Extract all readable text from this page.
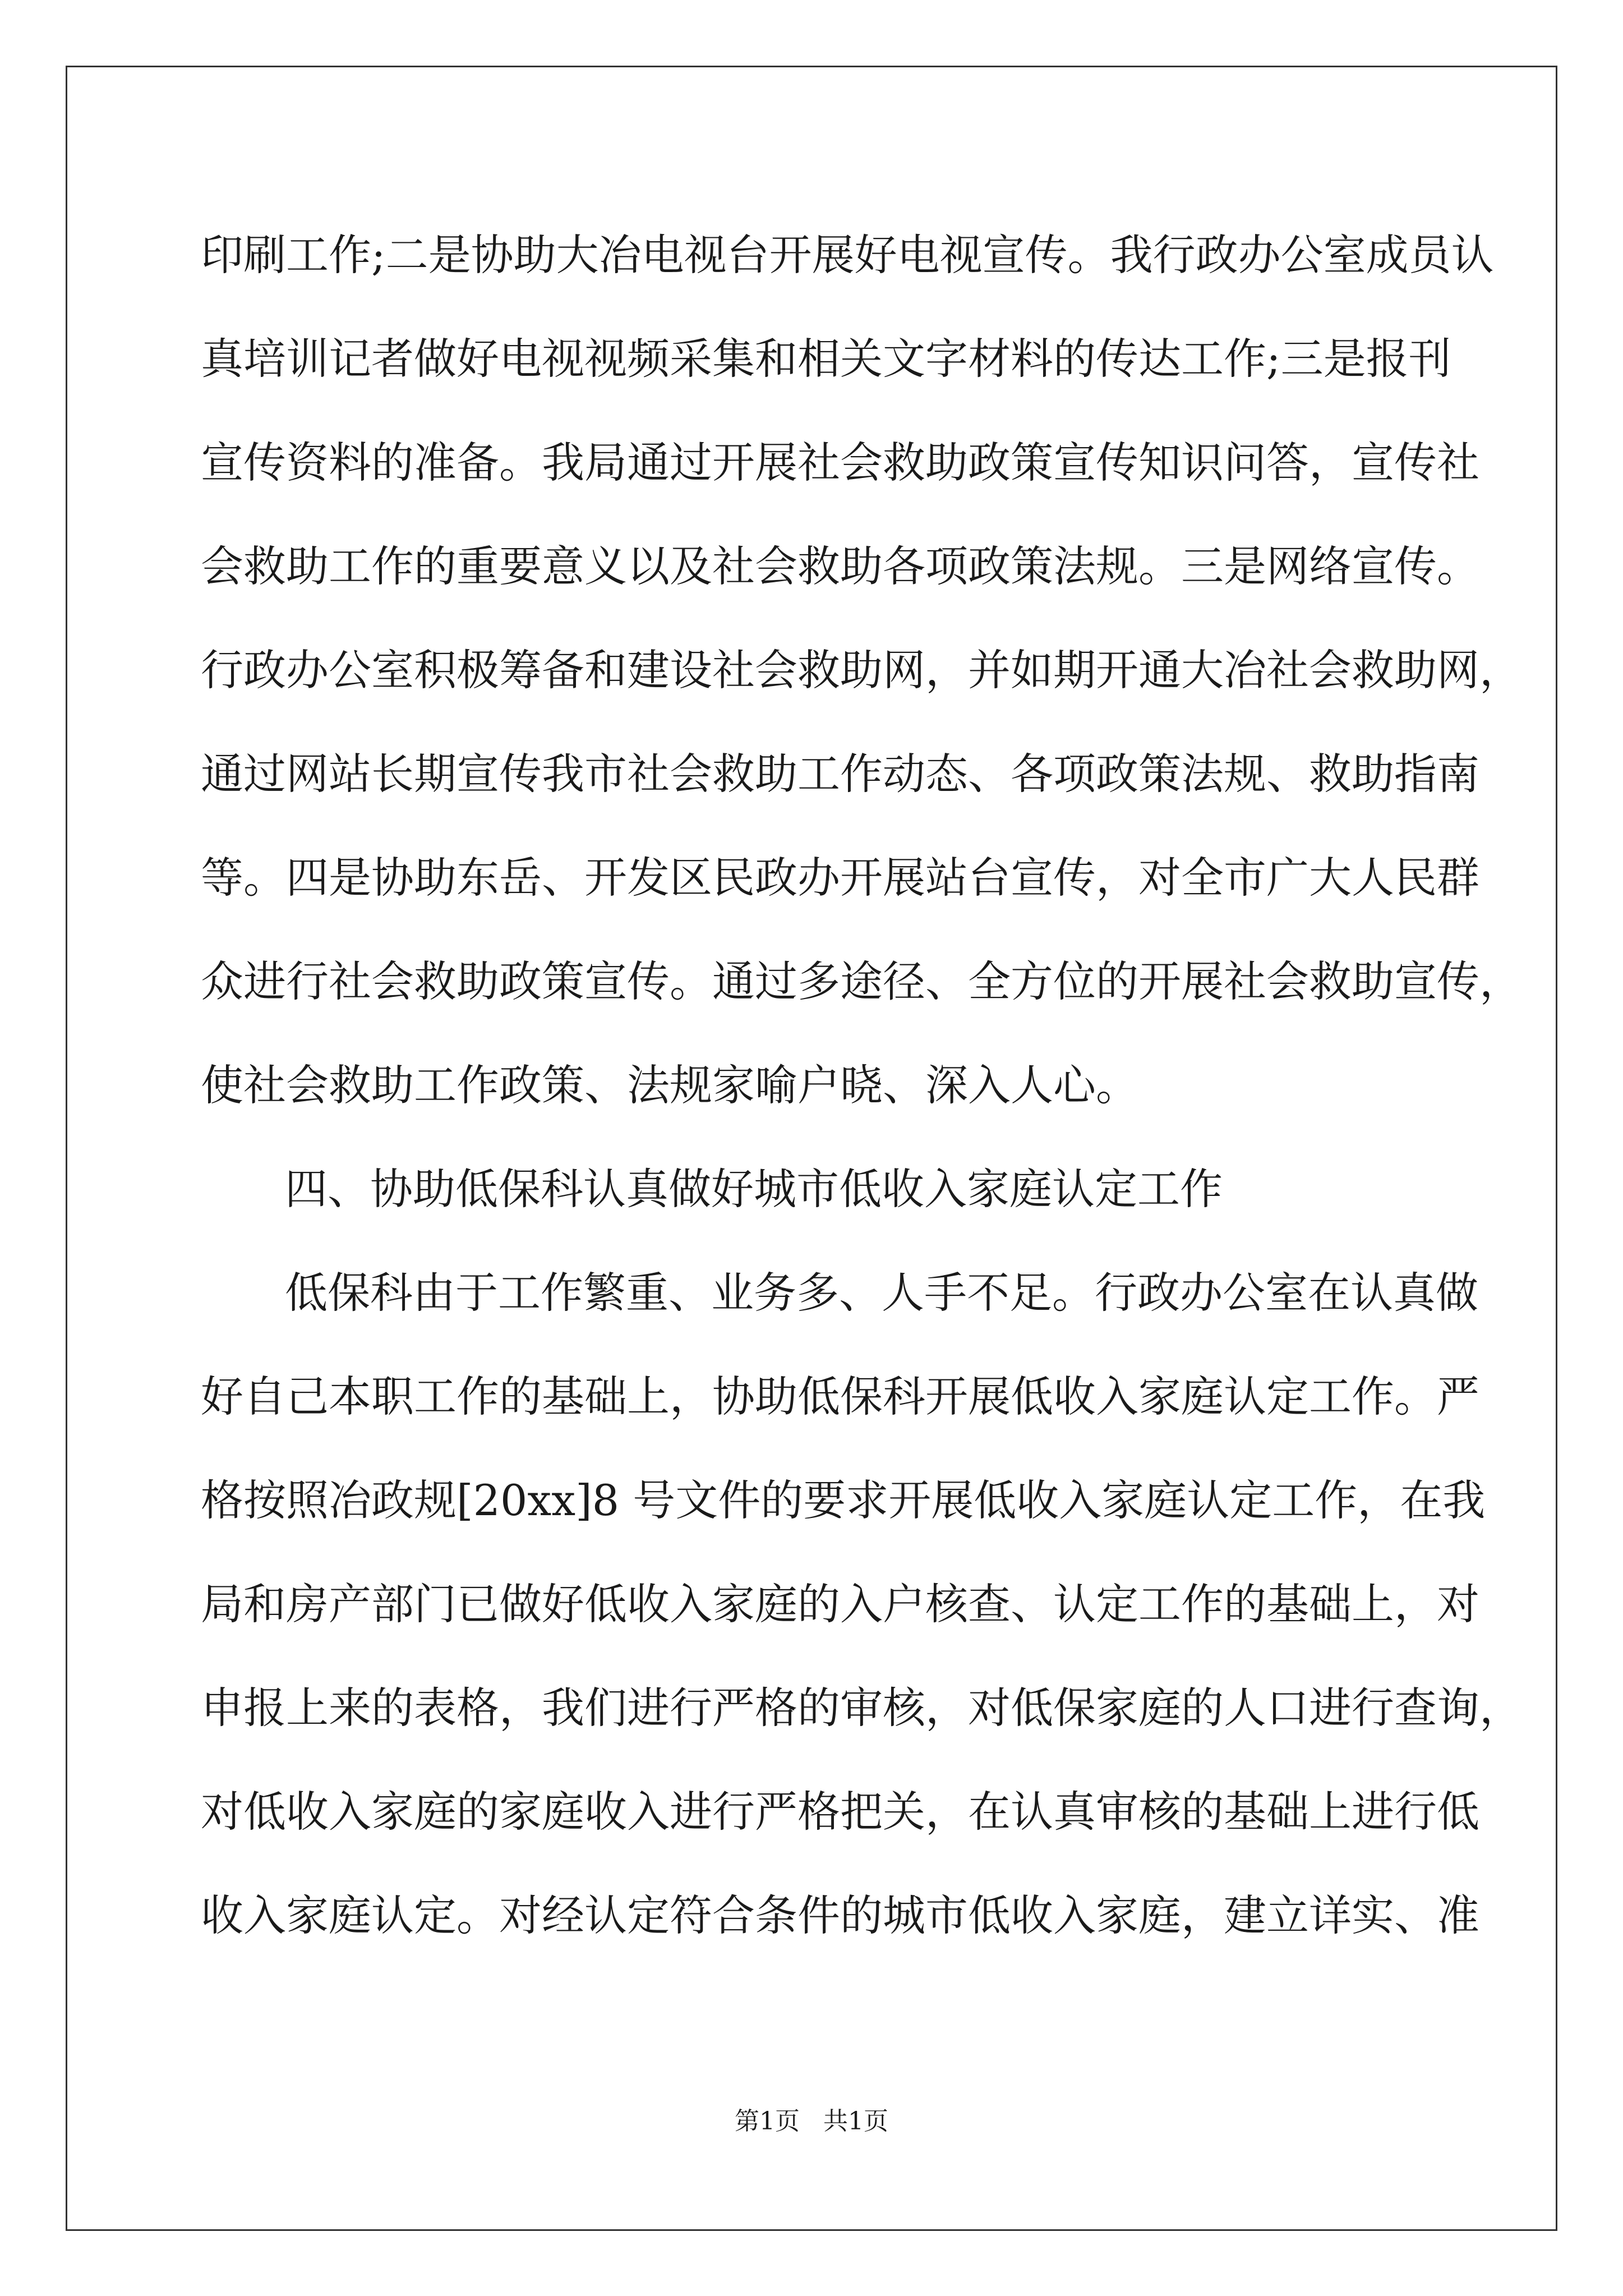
印刷工作;二是协助大冶电视台开展好电视宣传。我行政办公室成员认
真培训记者做好电视视频采集和相关文字材料的传达工作;三是报刊
宣传资料的准备。我局通过开展社会救助政策宣传知识问答，宣传社
会救助工作的重要意义以及社会救助各项政策法规。三是网络宣传。
行政办公室积极筹备和建设社会救助网，并如期开通大冶社会救助网，
通过网站长期宣传我市社会救助工作动态、各项政策法规、救助指南
等。四是协助东岳、开发区民政办开展站台宣传，对全市广大人民群
众进行社会救助政策宣传。通过多途径、全方位的开展社会救助宣传，
使社会救助工作政策、法规家喻户晓、深入人心。
四、协助低保科认真做好城市低收入家庭认定工作
低保科由于工作繁重、业务多、人手不足。行政办公室在认真做
好自己本职工作的基础上，协助低保科开展低收入家庭认定工作。严
格按照冶政规[20xx]8 号文件的要求开展低收入家庭认定工作，在我
局和房产部门已做好低收入家庭的入户核查、认定工作的基础上，对
申报上来的表格，我们进行严格的审核，对低保家庭的人口进行查询，
对低收入家庭的家庭收入进行严格把关，在认真审核的基础上进行低
收入家庭认定。对经认定符合条件的城市低收入家庭，建立详实、准
第1页   共1页
